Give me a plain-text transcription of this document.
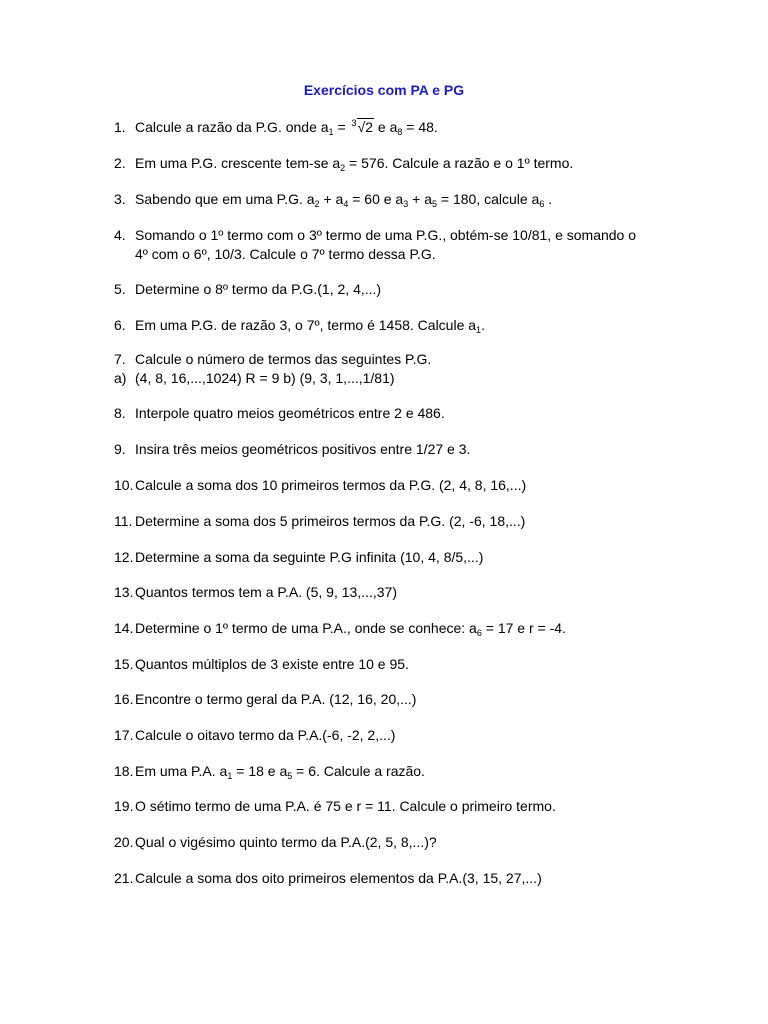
Exercícios com PA e PG
1. Calcule a razão da P.G. onde $a_1 = ^3√2$ e $a_8 = 48$.
2. Em uma P.G. crescente tem-se $a_2 = 576$. Calcule a razão e o 1º termo.
3. Sabendo que em uma P.G. $a_2 + a_4 = 60$ e $a_3 + a_5 = 180$, calcule $a_6$ .
4. Somando o 1º termo com o 3º termo de uma P.G., obtém-se 10/81, e somando o
4º com o 6º, 10/3. Calcule o 7º termo dessa P.G.
5. Determine o 8º termo da P.G.(1, 2, 4,...)
6. Em uma P.G. de razão 3, o 7º, termo é 1458. Calcule $a_1$.
7. Calcule o número de termos das seguintes P.G.
a) (4, 8, 16,...,1024) R = 9 b) (9, 3, 1,...,1/81)
8. Interpole quatro meios geométricos entre 2 e 486.
9. Insira três meios geométricos positivos entre 1/27 e 3.
10. Calcule a soma dos 10 primeiros termos da P.G. (2, 4, 8, 16,...)
11. Determine a soma dos 5 primeiros termos da P.G. (2, -6, 18,...)
12. Determine a soma da seguinte P.G infinita (10, 4, 8/5,...)
13. Quantos termos tem a P.A. (5, 9, 13,...,37)
14. Determine o 1º termo de uma P.A., onde se conhece: $a_6 = 17$ e r = -4.
15. Quantos múltiplos de 3 existe entre 10 e 95.
16. Encontre o termo geral da P.A. (12, 16, 20,...)
17. Calcule o oitavo termo da P.A.(-6, -2, 2,...)
18. Em uma P.A. $a_1 = 18$ e $a_5 = 6$. Calcule a razão.
19. O sétimo termo de uma P.A. é 75 e r = 11. Calcule o primeiro termo.
20. Qual o vigésimo quinto termo da P.A.(2, 5, 8,...)?
21. Calcule a soma dos oito primeiros elementos da P.A.(3, 15, 27,...)
